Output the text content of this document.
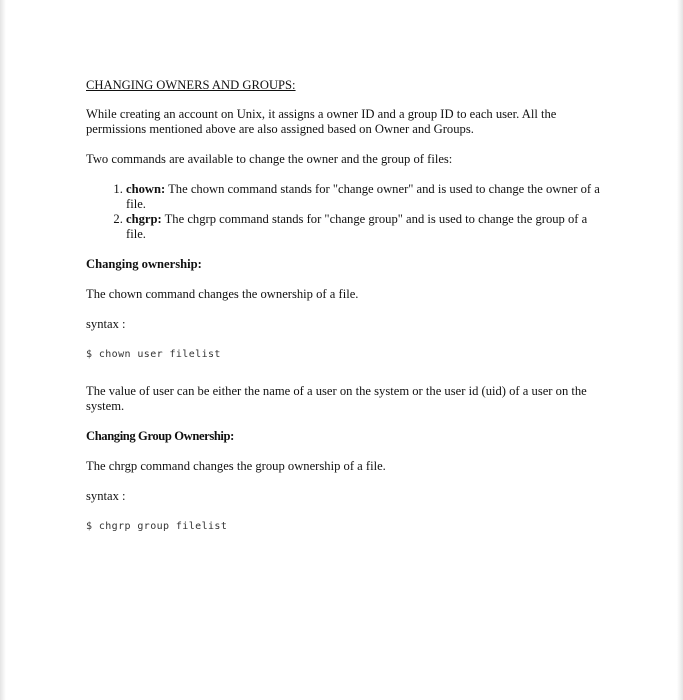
CHANGING OWNERS AND GROUPS:

While creating an account on Unix, it assigns a owner ID and a group ID to each user. All the permissions mentioned above are also assigned based on Owner and Groups.

Two commands are available to change the owner and the group of files:

1. chown: The chown command stands for "change owner" and is used to change the owner of a file.
2. chgrp: The chgrp command stands for "change group" and is used to change the group of a file.
Changing ownership:

The chown command changes the ownership of a file.

syntax :

$ chown user filelist

The value of user can be either the name of a user on the system or the user id (uid) of a user on the system.

Changing Group Ownership:

The chrgp command changes the group ownership of a file.

syntax :

$ chgrp group filelist
